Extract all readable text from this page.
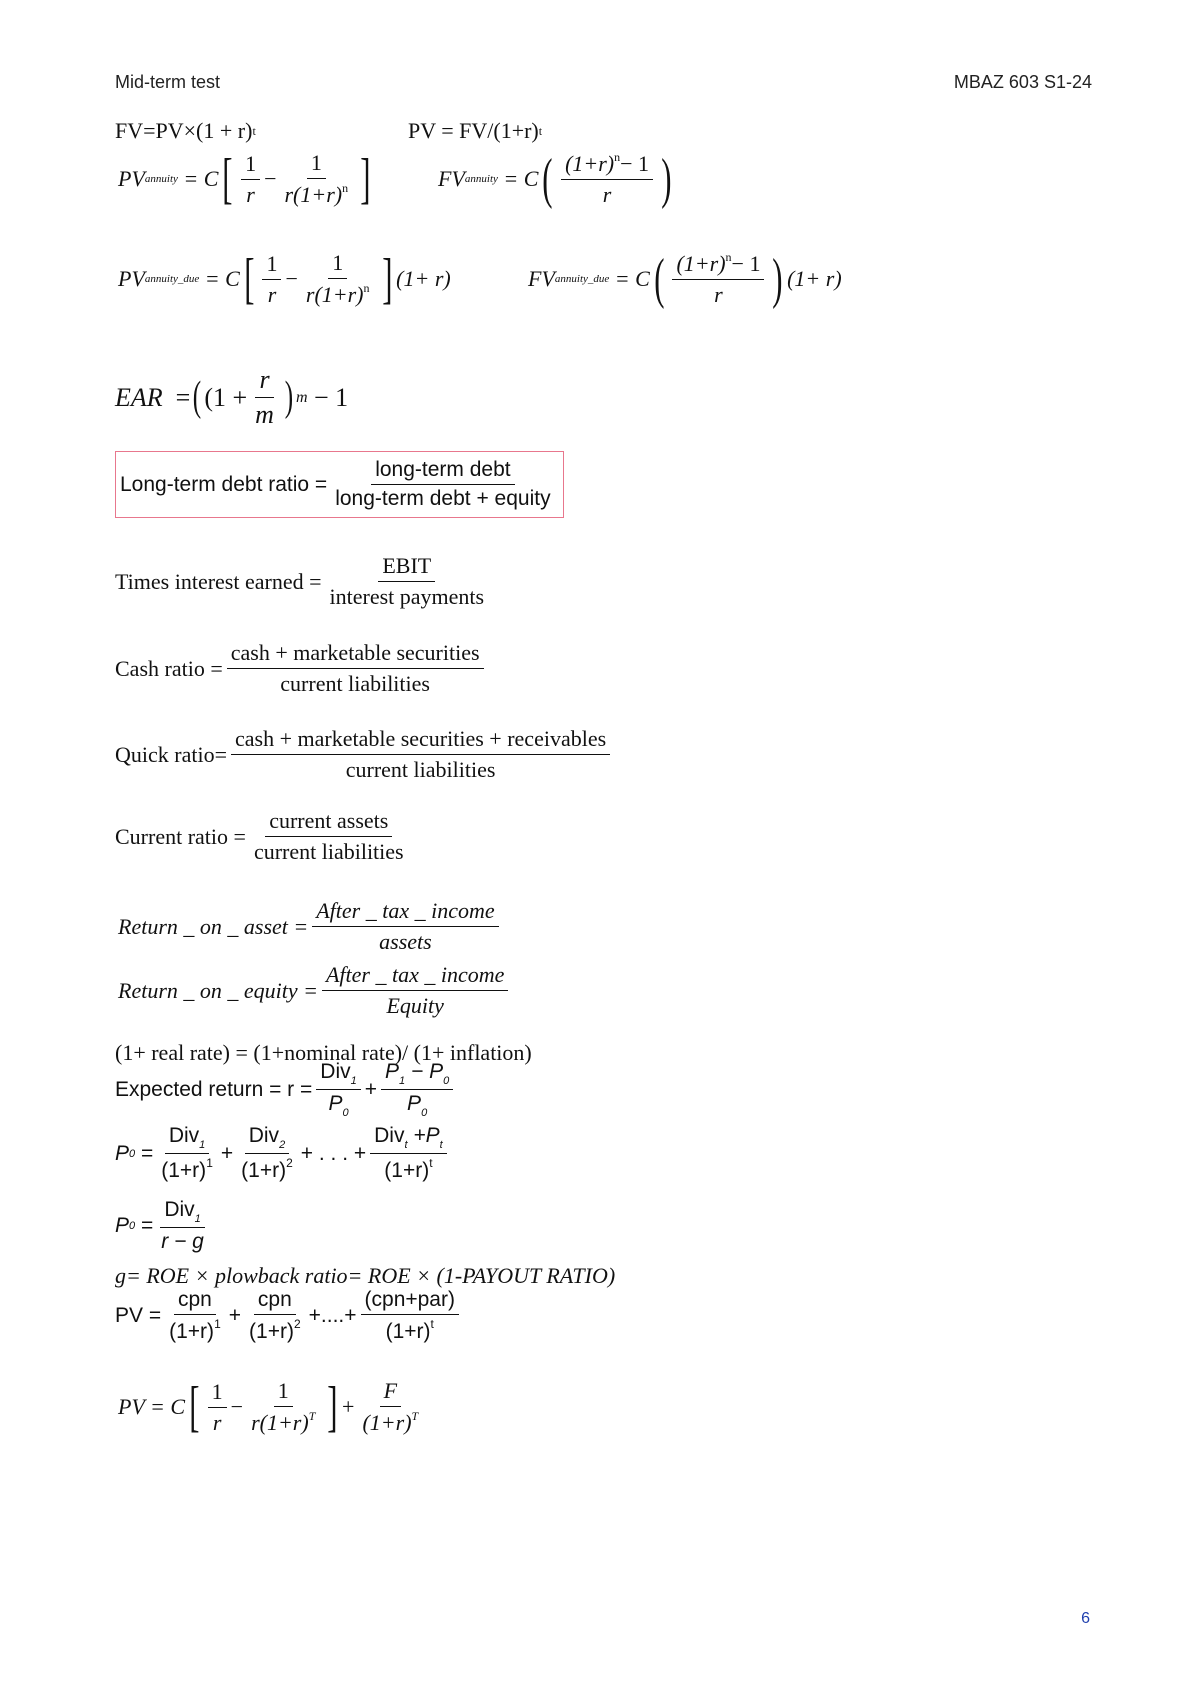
Mid-term test	MBAZ 603 S1-24
FV=PV×(1 + r) t	PV = FV/(1+r) t
PV annuity
= C [ $\frac{1}{r} - \frac{1}{r(1+r)^n}$ ]	FV annuity
= C ( $\frac{(1+r)^n- 1}{r}$ )
PV annuity_due
= C [ $\frac{1}{r} - \frac{1}{r(1+r)^n}$ ] (1+ r)	FV annuity_due
= C ( $\frac{(1+r)^n- 1}{r}$ ) (1+ r)
EAR
= ( ($1 + \frac{r}{m}$ ) m − 1
Long-term debt ratio = $\frac{\text{long-term debt}}{\text{long-term debt + equity}}$
Times interest earned = $\frac{\text{EBIT}}{\text{interest payments}}$
Cash ratio = $\frac{\text{cash + marketable securities}}{\text{current liabilities}}$
Quick ratio= $\frac{\text{cash + marketable securities + receivables}}{\text{current liabilities}}$
Current ratio = $\frac{\text{current assets}}{\text{current liabilities}}$
Return _ on _ asset = $\frac{\text{After \_ tax \_ income}}{\text{assets}}$
Return _ on _ equity = $\frac{\text{After \_ tax \_ income}}{\text{Equity}}$
(1+ real rate) = (1+nominal rate)/ (1+ inflation)
Expected return = $r = \frac{Div_1}{P_0} + \frac{P_1 - P_0}{P_0}$
P 0
= $\frac{Div_1}{(1+r)^1} + \frac{Div_2}{(1+r)^2}$ + . . . + $\frac{Div_t +P_t}{(1+r)^t}$
P 0
= $\frac{Div_1}{r - g}$
g= ROE × plowback ratio= ROE × (1-PAYOUT RATIO)
PV = $\frac{\text{cpn}}{(1+r)^1} + \frac{\text{cpn}}{(1+r)^2}$ +....+ $\frac{\text{(cpn+par)}}{(1+r)^t}$
PV = C [ $\frac{1}{r} - \frac{1}{r(1+r)^T}$ ] + $\frac{F}{(1+r)^T}$
6
